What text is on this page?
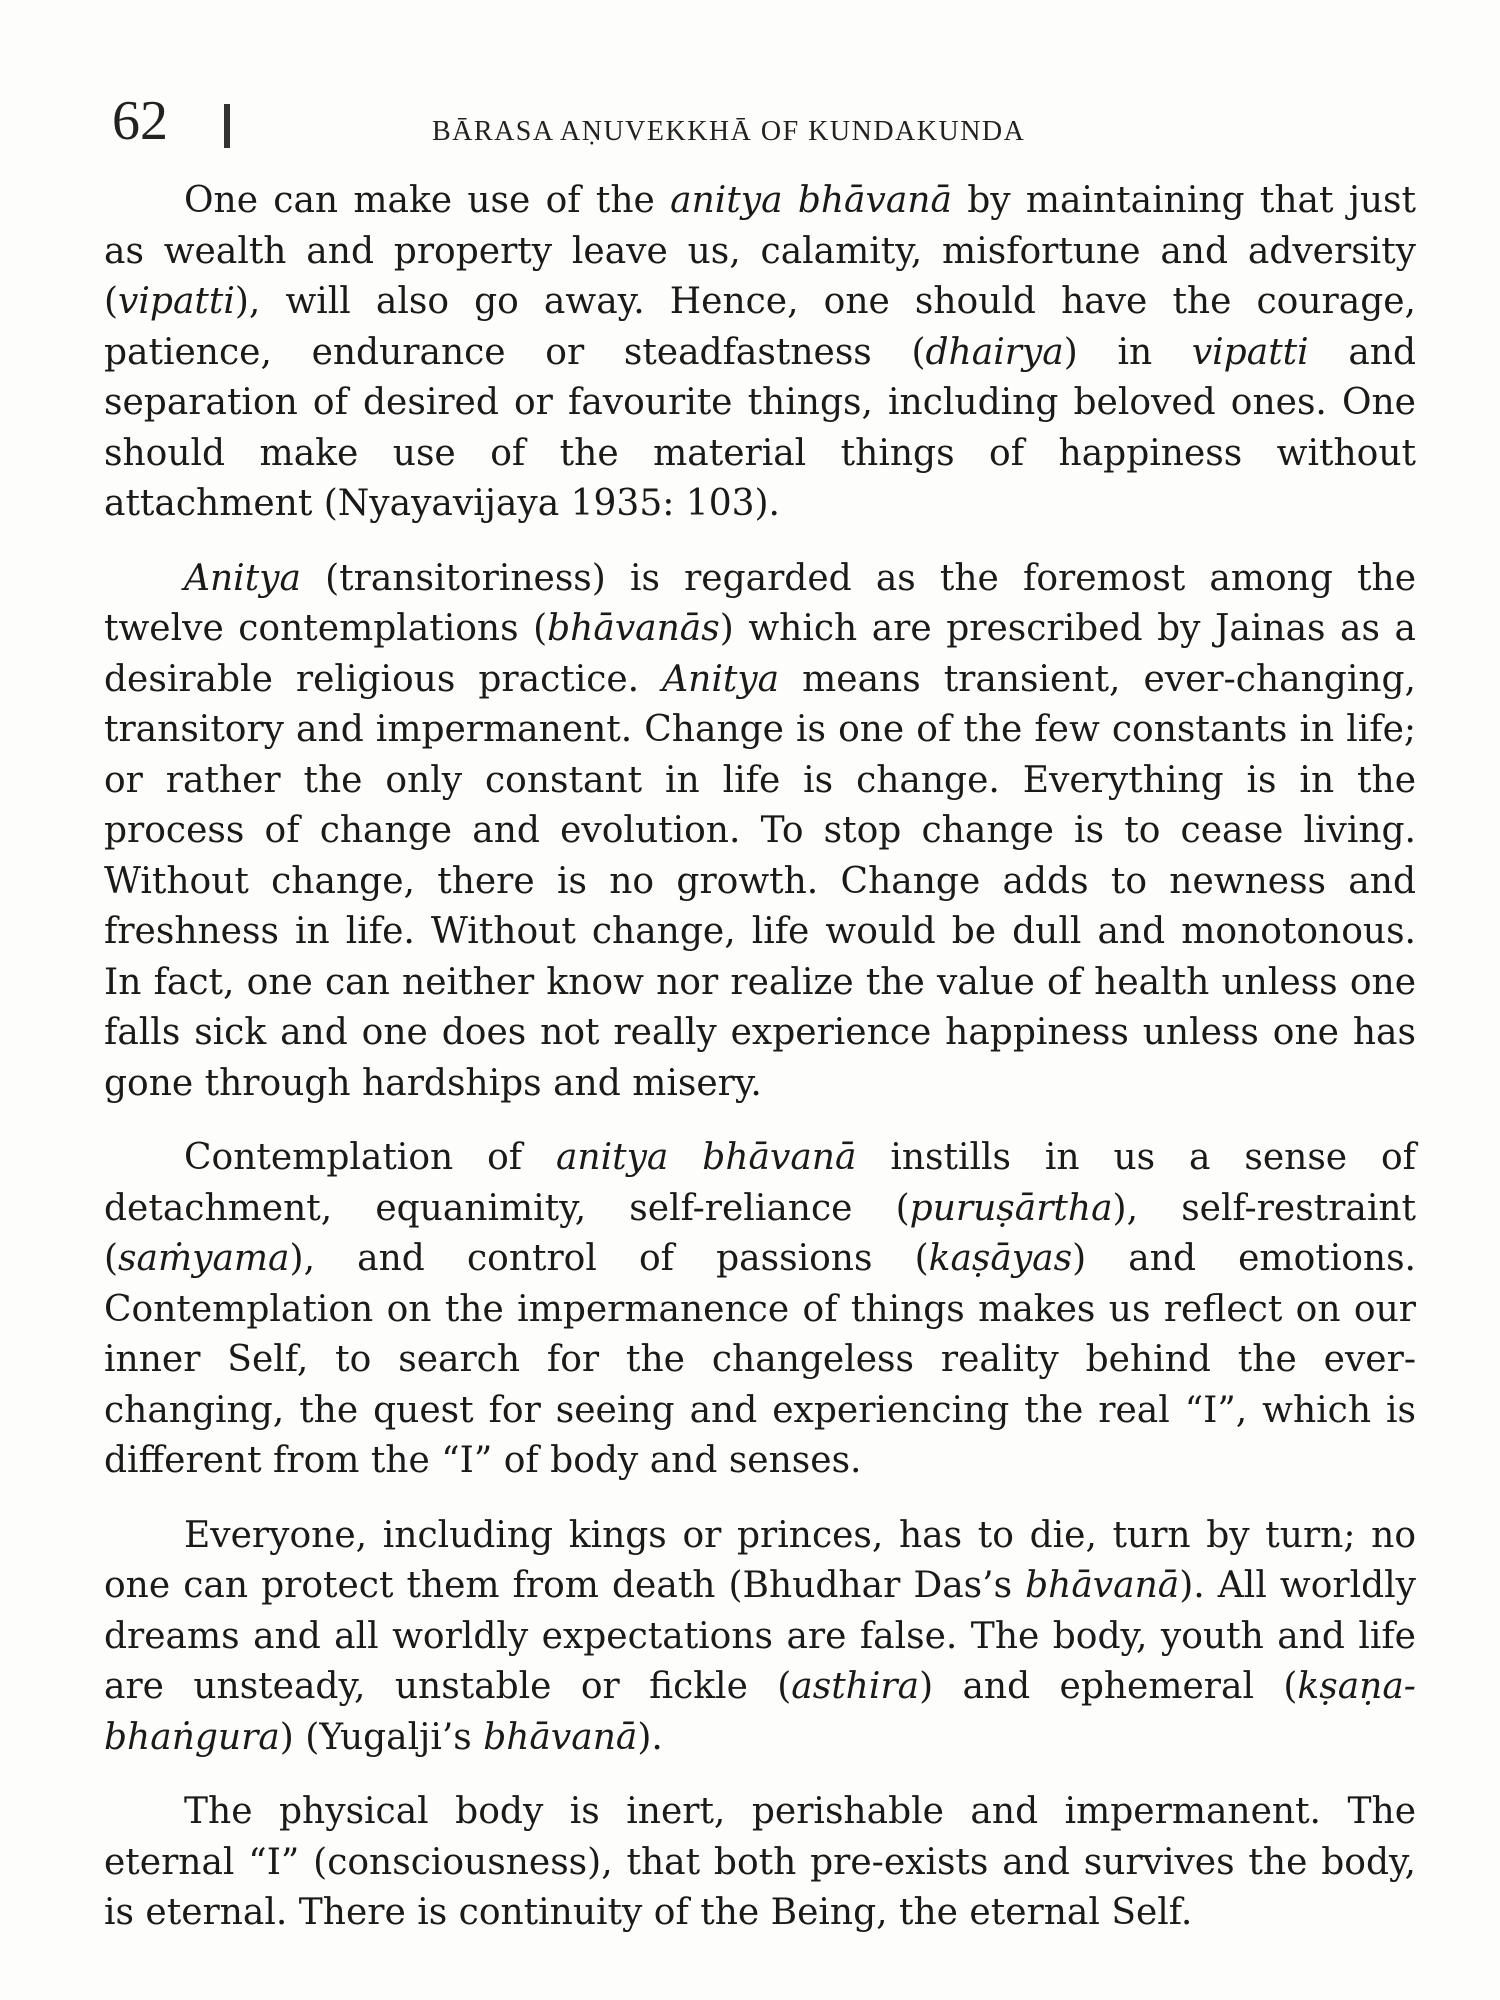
62	BĀRASA AṆUVEKKHĀ OF KUNDAKUNDA

One can make use of the anitya bhāvanā by maintaining that just as wealth and property leave us, calamity, misfortune and adversity (vipatti), will also go away. Hence, one should have the courage, patience, endurance or steadfastness (dhairya) in vipatti and separation of desired or favourite things, including beloved ones. One should make use of the material things of happiness without attachment (Nyayavijaya 1935: 103).

Anitya (transitoriness) is regarded as the foremost among the twelve contemplations (bhāvanās) which are prescribed by Jainas as a desirable religious practice. Anitya means transient, ever-changing, transitory and impermanent. Change is one of the few constants in life; or rather the only constant in life is change. Everything is in the process of change and evolution. To stop change is to cease living. Without change, there is no growth. Change adds to newness and freshness in life. Without change, life would be dull and monotonous. In fact, one can neither know nor realize the value of health unless one falls sick and one does not really experience happiness unless one has gone through hardships and misery.

Contemplation of anitya bhāvanā instills in us a sense of detachment, equanimity, self-reliance (puruṣārtha), self-restraint (saṁyama), and control of passions (kaṣāyas) and emotions. Contemplation on the impermanence of things makes us reflect on our inner Self, to search for the changeless reality behind the ever-changing, the quest for seeing and experiencing the real “I”, which is different from the “I” of body and senses.

Everyone, including kings or princes, has to die, turn by turn; no one can protect them from death (Bhudhar Das’s bhāvanā). All worldly dreams and all worldly expectations are false. The body, youth and life are unsteady, unstable or fickle (asthira) and ephemeral (kṣaṇa-bhaṅgura) (Yugalji’s bhāvanā).

The physical body is inert, perishable and impermanent. The eternal “I” (consciousness), that both pre-exists and survives the body, is eternal. There is continuity of the Being, the eternal Self.
